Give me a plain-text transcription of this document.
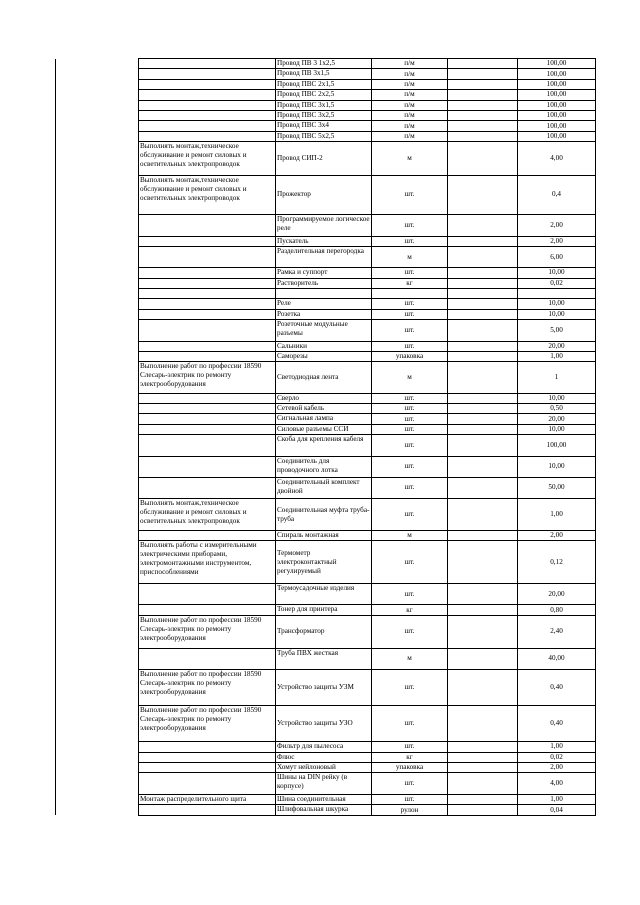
		Провод ПВ 3 1х2,5	п/м		100,00
		Провод ПВ 3х1,5	п/м		100,00
		Провод ПВС 2х1,5	п/м		100,00
		Провод ПВС 2х2,5	п/м		100,00
		Провод ПВС 3х1,5	п/м		100,00
		Провод ПВС 3х2,5	п/м		100,00
		Провод ПВС 3х4	п/м		100,00
		Провод ПВС 5х2,5	п/м		100,00
	Выполнять монтаж,техническое обслуживание и ремонт силовых и осветительных электропроводок	Провод СИП-2	м		4,00
	Выполнять монтаж,техническое обслуживание и ремонт силовых и осветительных электропроводок	Прожектор	шт.		0,4
		Программируемое логическое реле	шт.		2,00
		Пускатель	шт.		2,00
		Разделительная перегородка	м		6,00
		Рамка и суппорт	шт.		10,00
		Растворитель	кг		0,02

		Реле	шт.		10,00
		Розетка	шт.		10,00
		Розеточные модульные разъемы	шт.		5,00
		Сальники	шт.		20,00
		Саморезы	упаковка		1,00
	Выполнение работ по профессии 18590 Слесарь-электрик по ремонту электрооборудования	Светодиодная лента	м		1
		Сверло	шт.		10,00
		Сетевой кабель	шт.		0,50
		Сигнальная лампа	шт.		20,00
		Силовые разъемы ССИ	шт.		10,00
		Скоба для крепления кабеля	шт.		100,00
		Соединитель для проводочного лотка	шт.		10,00
		Соединительный комплект двойной	шт.		50,00
	Выполнять монтаж,техническое обслуживание и ремонт силовых и осветительных электропроводок	Соединительная муфта труба-труба	шт.		1,00
		Спираль монтажная	м		2,00
	Выполнять работы с измерительными электрическими приборами, электромонтажными инструментом, приспособлениями	Термометр электроконтактный регулируемый	шт.		0,12
		Термоусадочные изделия	шт.		20,00
		Тонер для принтера	кг		0,80
	Выполнение работ по профессии 18590 Слесарь-электрик по ремонту электрооборудования	Трансформатор	шт.		2,40
		Труба ПВХ жесткая	м		40,00
	Выполнение работ по профессии 18590 Слесарь-электрик по ремонту электрооборудования	Устройство защиты УЗМ	шт.		0,40
	Выполнение работ по профессии 18590 Слесарь-электрик по ремонту электрооборудования	Устройство защиты УЗО	шт.		0,40
		Фильтр для пылесоса	шт.		1,00
		Флюс	кг		0,02
		Хомут нейлоновый	упаковка		2,00
		Шины на DIN рейку (в корпусе)	шт.		4,00
	Монтаж распределительного щита	Шина соединительная	шт.		1,00
		Шлифовальная шкурка	рулон		0,04
